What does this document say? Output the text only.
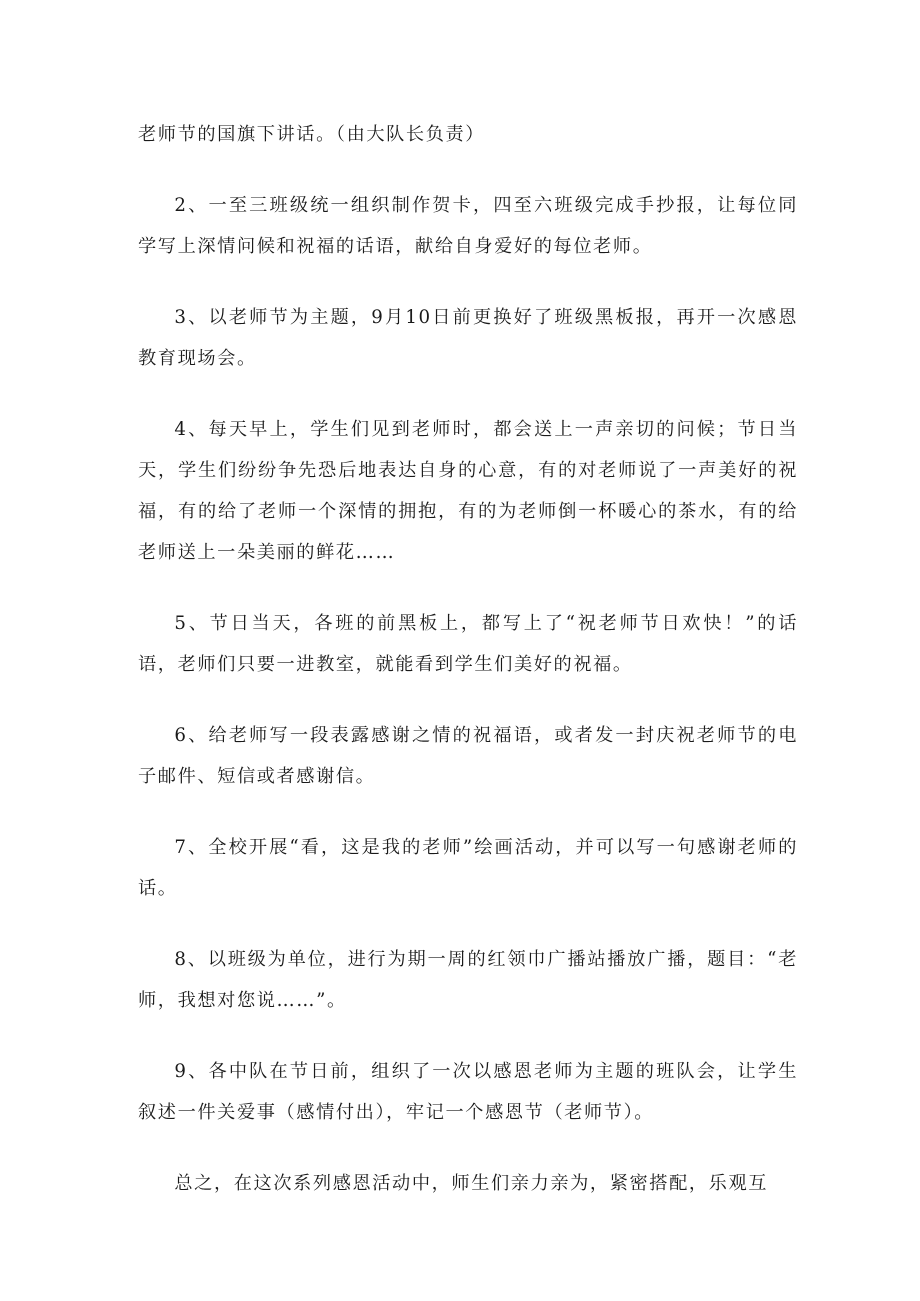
老师节的国旗下讲话。（由大队长负责）

2、一至三班级统一组织制作贺卡，四至六班级完成手抄报，让每位同学写上深情问候和祝福的话语，献给自身爱好的每位老师。

3、以老师节为主题，9月10日前更换好了班级黑板报，再开一次感恩教育现场会。

4、每天早上，学生们见到老师时，都会送上一声亲切的问候；节日当天，学生们纷纷争先恐后地表达自身的心意，有的对老师说了一声美好的祝福，有的给了老师一个深情的拥抱，有的为老师倒一杯暖心的茶水，有的给老师送上一朵美丽的鲜花……

5、节日当天，各班的前黑板上，都写上了“祝老师节日欢快！”的话语，老师们只要一进教室，就能看到学生们美好的祝福。

6、给老师写一段表露感谢之情的祝福语，或者发一封庆祝老师节的电子邮件、短信或者感谢信。

7、全校开展“看，这是我的老师”绘画活动，并可以写一句感谢老师的话。

8、以班级为单位，进行为期一周的红领巾广播站播放广播，题目：“老师，我想对您说……”。

9、各中队在节日前，组织了一次以感恩老师为主题的班队会，让学生叙述一件关爱事（感情付出），牢记一个感恩节（老师节）。

总之，在这次系列感恩活动中，师生们亲力亲为，紧密搭配，乐观互
